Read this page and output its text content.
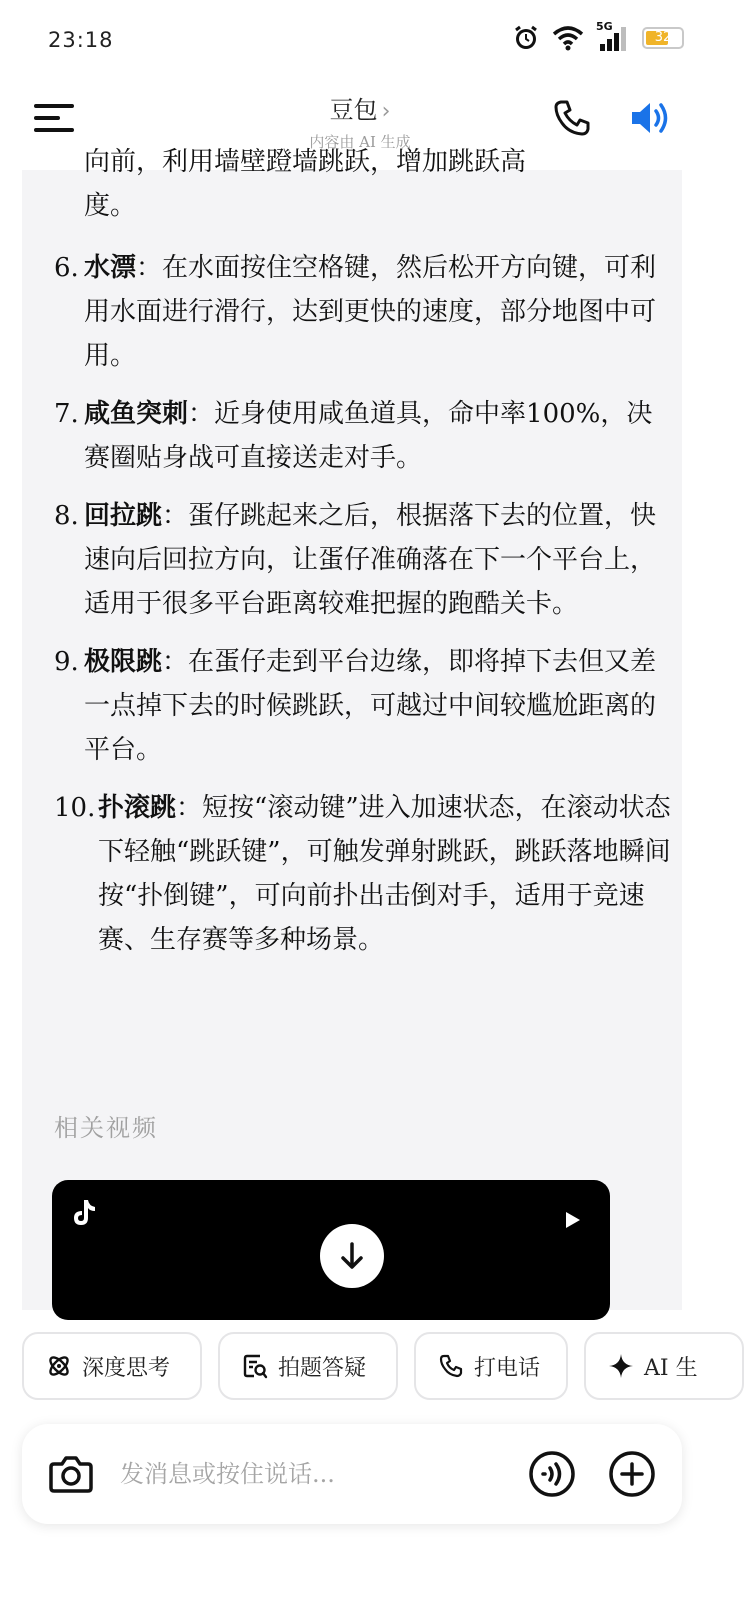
23:18
5G
32
豆包 ›
内容由 AI 生成
向前，利用墙壁蹬墙跳跃，增加跳跃高
度。
6. 水漂：在水面按住空格键，然后松开方向键，可利用水面进行滑行，达到更快的速度，部分地图中可用。
7. 咸鱼突刺：近身使用咸鱼道具，命中率100%，决赛圈贴身战可直接送走对手。
8. 回拉跳：蛋仔跳起来之后，根据落下去的位置，快速向后回拉方向，让蛋仔准确落在下一个平台上，适用于很多平台距离较难把握的跑酷关卡。
9. 极限跳：在蛋仔走到平台边缘，即将掉下去但又差一点掉下去的时候跳跃，可越过中间较尴尬距离的平台。
10. 扑滚跳：短按“滚动键”进入加速状态，在滚动状态下轻触“跳跃键”，可触发弹射跳跃，跳跃落地瞬间按“扑倒键”，可向前扑出击倒对手，适用于竞速赛、生存赛等多种场景。
相关视频
深度思考	拍题答疑	打电话	AI 生
发消息或按住说话...
